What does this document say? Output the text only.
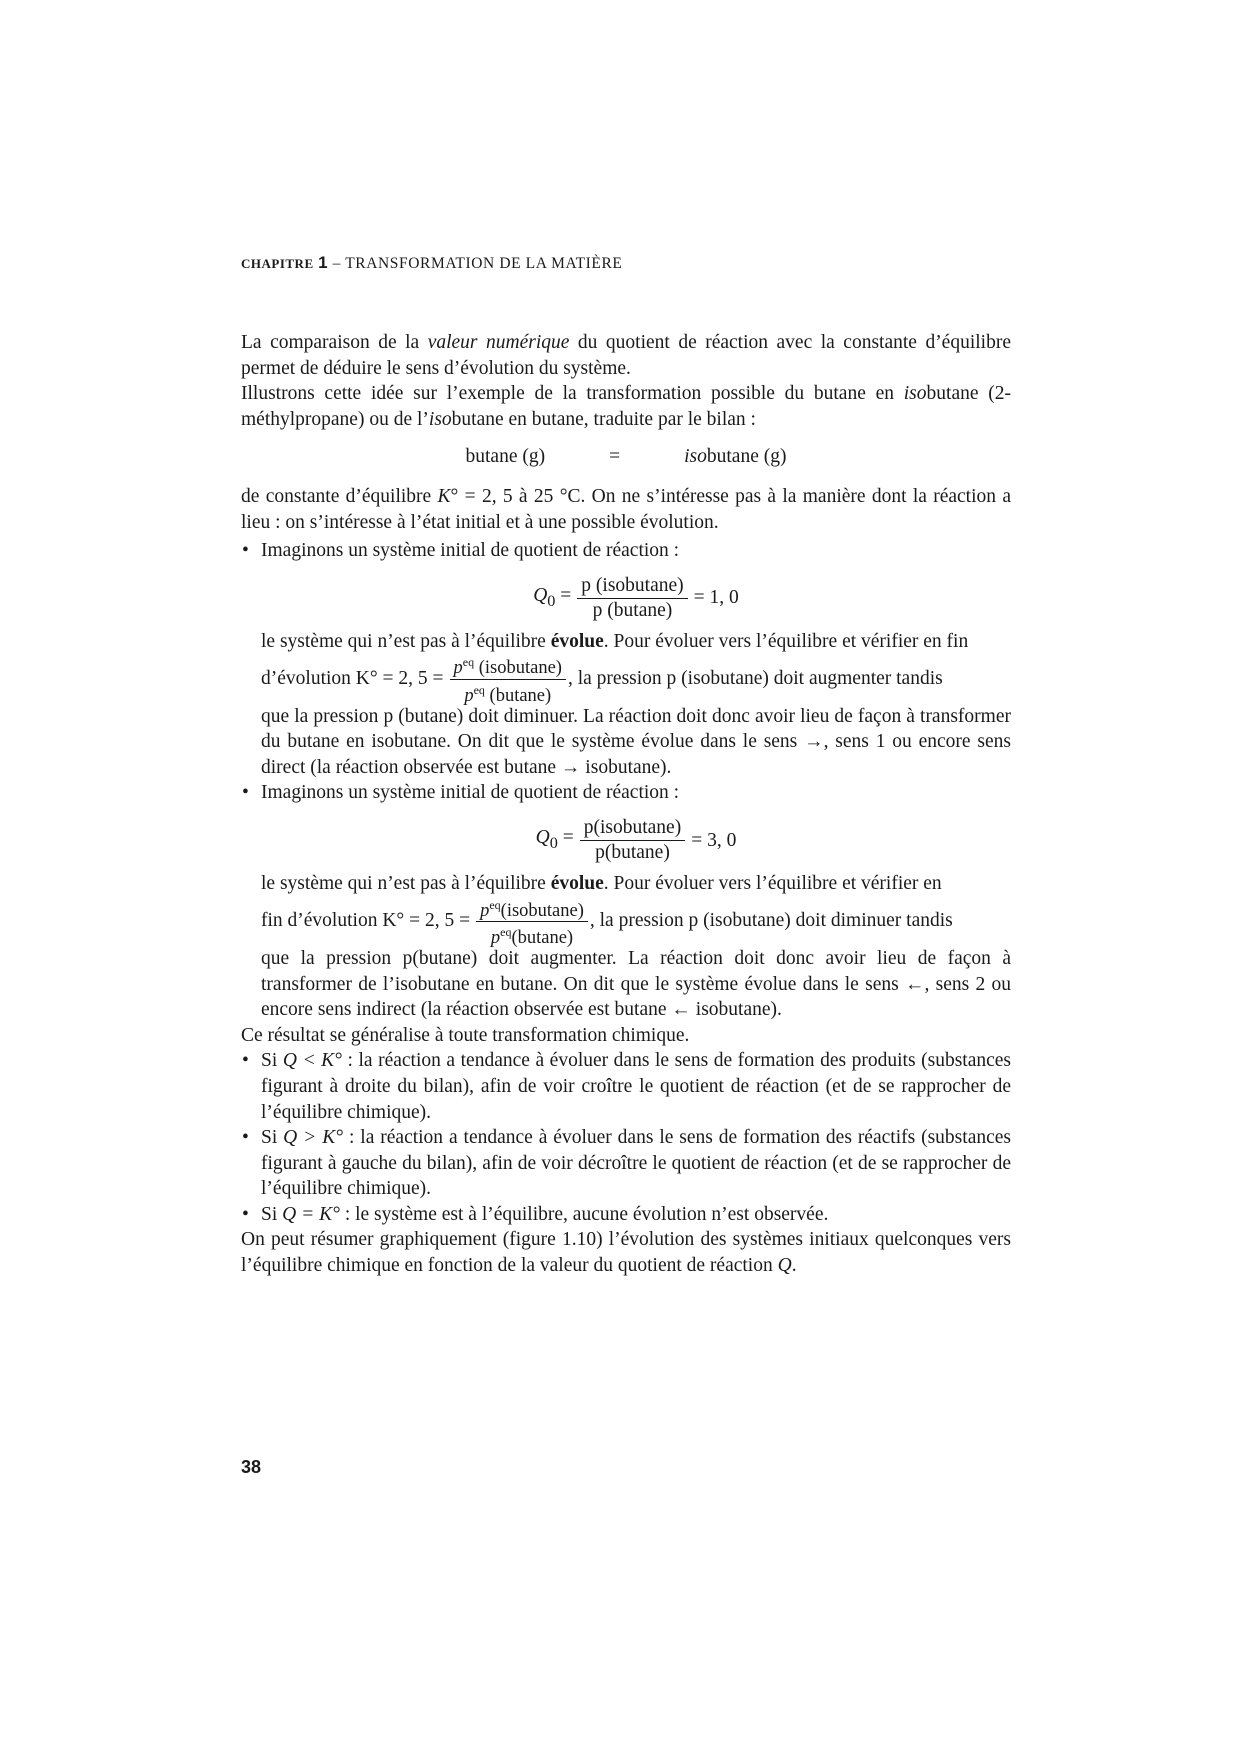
CHAPITRE 1 – TRANSFORMATION DE LA MATIÈRE

La comparaison de la valeur numérique du quotient de réaction avec la constante d’équilibre permet de déduire le sens d’évolution du système.

Illustrons cette idée sur l’exemple de la transformation possible du butane en isobutane (2-méthylpropane) ou de l’isobutane en butane, traduite par le bilan :

butane (g)	=	isobutane (g)

de constante d’équilibre K° = 2, 5 à 25 °C. On ne s’intéresse pas à la manière dont la réaction a lieu : on s’intéresse à l’état initial et à une possible évolution.

• Imaginons un système initial de quotient de réaction :

$Q_0 = \frac{\text{p (isobutane)}}{p (butane)} = 1$, 0

le système qui n’est pas à l’équilibre évolue. Pour évoluer vers l’équilibre et vérifier en fin

d’évolution K° = 2, $5 = \frac{p^{eq} (isobutane)}{p^{eq} (butane)}$ , la pression p (isobutane) doit augmenter tandis

que la pression p (butane) doit diminuer. La réaction doit donc avoir lieu de façon à transformer du butane en isobutane. On dit que le système évolue dans le sens →, sens 1 ou encore sens direct (la réaction observée est butane → isobutane).

• Imaginons un système initial de quotient de réaction :

$Q_0 = \frac{\text{p(isobutane)}}{p(butane)} = 3$, 0

le système qui n’est pas à l’équilibre évolue. Pour évoluer vers l’équilibre et vérifier en

fin d’évolution K° = 2, $5 = \frac{p^{eq}(isobutane)}{p^{eq}(butane)}$ , la pression p (isobutane) doit diminuer tandis

que la pression p(butane) doit augmenter. La réaction doit donc avoir lieu de façon à transformer de l’isobutane en butane. On dit que le système évolue dans le sens ←, sens 2 ou encore sens indirect (la réaction observée est butane ← isobutane).

Ce résultat se généralise à toute transformation chimique.

• Si Q < K° : la réaction a tendance à évoluer dans le sens de formation des produits (substances figurant à droite du bilan), afin de voir croître le quotient de réaction (et de se rapprocher de l’équilibre chimique).

• Si Q > K° : la réaction a tendance à évoluer dans le sens de formation des réactifs (substances figurant à gauche du bilan), afin de voir décroître le quotient de réaction (et de se rapprocher de l’équilibre chimique).

• Si Q = K° : le système est à l’équilibre, aucune évolution n’est observée.

On peut résumer graphiquement (figure 1.10) l’évolution des systèmes initiaux quelconques vers l’équilibre chimique en fonction de la valeur du quotient de réaction Q.

38
